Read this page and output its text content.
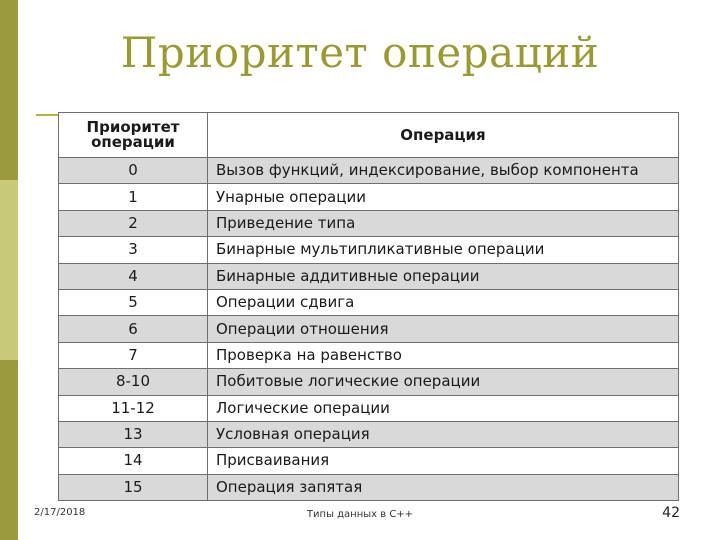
Приоритет операций
Приоритет операции	Операция
0	Вызов функций, индексирование, выбор компонента
1	Унарные операции
2	Приведение типа
3	Бинарные мультипликативные операции
4	Бинарные аддитивные операции
5	Операции сдвига
6	Операции отношения
7	Проверка на равенство
8-10	Побитовые логические операции
11-12	Логические операции
13	Условная операция
14	Присваивания
15	Операция запятая
2/17/2018	Типы данных в С++	42
